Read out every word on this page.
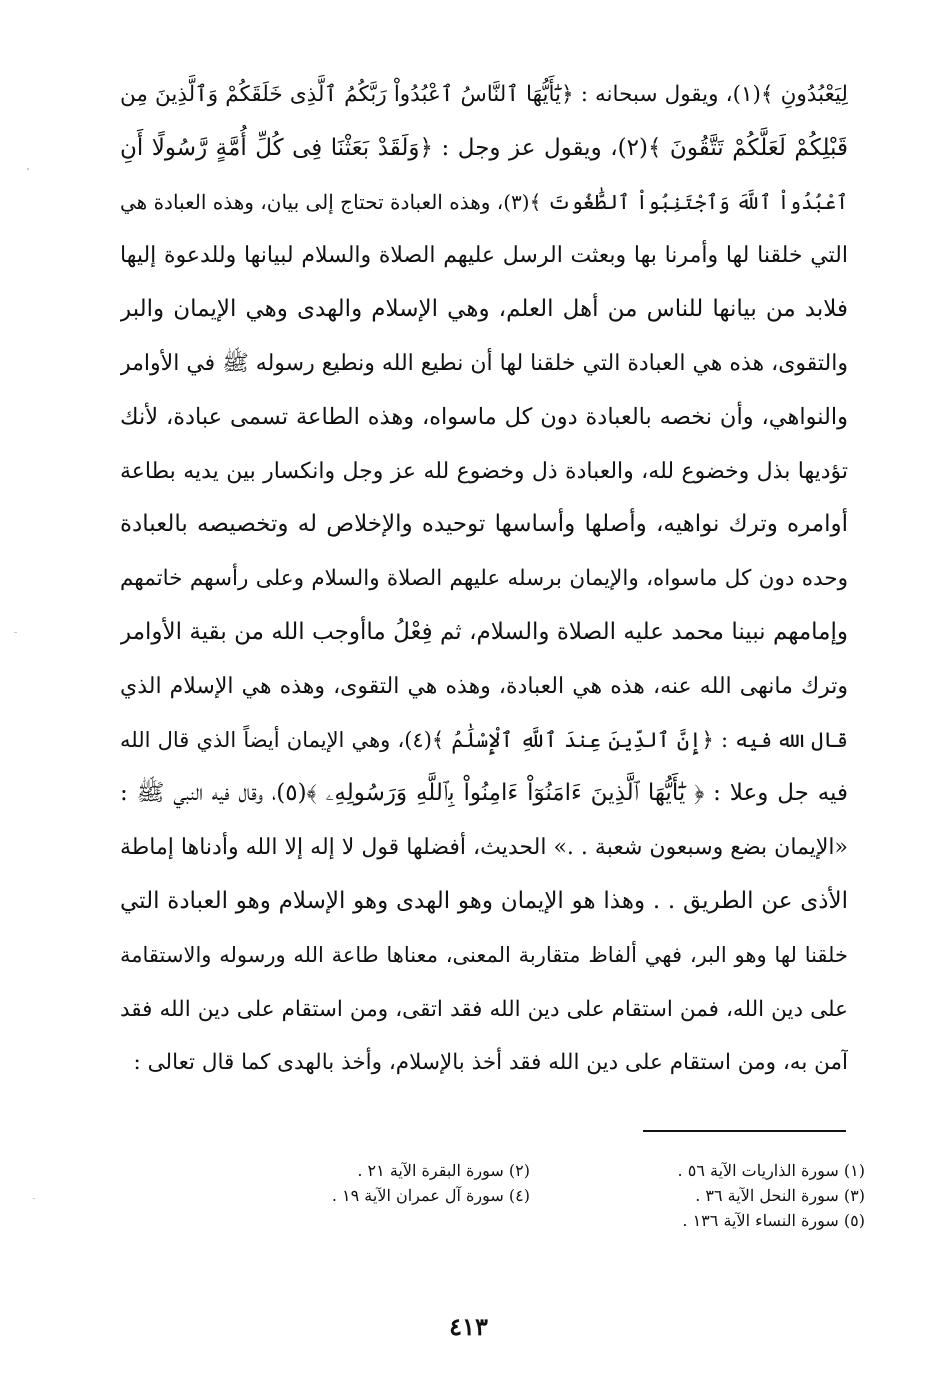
لِيَعْبُدُونِ ﴾(١)، ويقول سبحانه : ﴿يَٰٓأَيُّهَا ٱلنَّاسُ ٱعْبُدُواْ رَبَّكُمُ ٱلَّذِى خَلَقَكُمْ وَٱلَّذِينَ مِن
قَبْلِكُمْ لَعَلَّكُمْ تَتَّقُونَ ﴾(٢)، ويقول عز وجل : ﴿وَلَقَدْ بَعَثْنَا فِى كُلِّ أُمَّةٍ رَّسُولًا أَنِ
ٱعْبُدُواْ ٱللَّهَ وَٱجْتَنِبُواْ ٱلطَّٰغُوتَ ﴾(٣)، وهذه العبادة تحتاج إلى بيان، وهذه العبادة هي
التي خلقنا لها وأمرنا بها وبعثت الرسل عليهم الصلاة والسلام لبيانها وللدعوة إليها
فلابد من بيانها للناس من أهل العلم، وهي الإسلام والهدى وهي الإيمان والبر
والتقوى، هذه هي العبادة التي خلقنا لها أن نطيع الله ونطيع رسوله ﷺ في الأوامر
والنواهي، وأن نخصه بالعبادة دون كل ماسواه، وهذه الطاعة تسمى عبادة، لأنك
تؤديها بذل وخضوع لله، والعبادة ذل وخضوع لله عز وجل وانكسار بين يديه بطاعة
أوامره وترك نواهيه، وأصلها وأساسها توحيده والإخلاص له وتخصيصه بالعبادة
وحده دون كل ماسواه، والإيمان برسله عليهم الصلاة والسلام وعلى رأسهم خاتمهم
وإمامهم نبينا محمد عليه الصلاة والسلام، ثم فِعْلُ ماأوجب الله من بقية الأوامر
وترك مانهى الله عنه، هذه هي العبادة، وهذه هي التقوى، وهذه هي الإسلام الذي
قال الله فيه : ﴿إِنَّ ٱلدِّينَ عِندَ ٱللَّهِ ٱلْإِسْلَٰمُ ﴾(٤)، وهي الإيمان أيضاً الذي قال الله
فيه جل وعلا : ﴿ يَٰٓأَيُّهَا ٱلَّذِينَ ءَامَنُوٓاْ ءَامِنُواْ بِٱللَّهِ وَرَسُولِهِۦ ﴾(٥)، وقال فيه النبي ﷺ :
«الإيمان بضع وسبعون شعبة . .» الحديث، أفضلها قول لا إله إلا الله وأدناها إماطة
الأذى عن الطريق . . وهذا هو الإيمان وهو الهدى وهو الإسلام وهو العبادة التي
خلقنا لها وهو البر، فهي ألفاظ متقاربة المعنى، معناها طاعة الله ورسوله والاستقامة
على دين الله، فمن استقام على دين الله فقد اتقى، ومن استقام على دين الله فقد
آمن به، ومن استقام على دين الله فقد أخذ بالإسلام، وأخذ بالهدى كما قال تعالى :
(١) سورة الذاريات الآية ٥٦ .
(٢) سورة البقرة الآية ٢١ .
(٣) سورة النحل الآية ٣٦ .
(٤) سورة آل عمران الآية ١٩ .
(٥) سورة النساء الآية ١٣٦ .
٤١٣
